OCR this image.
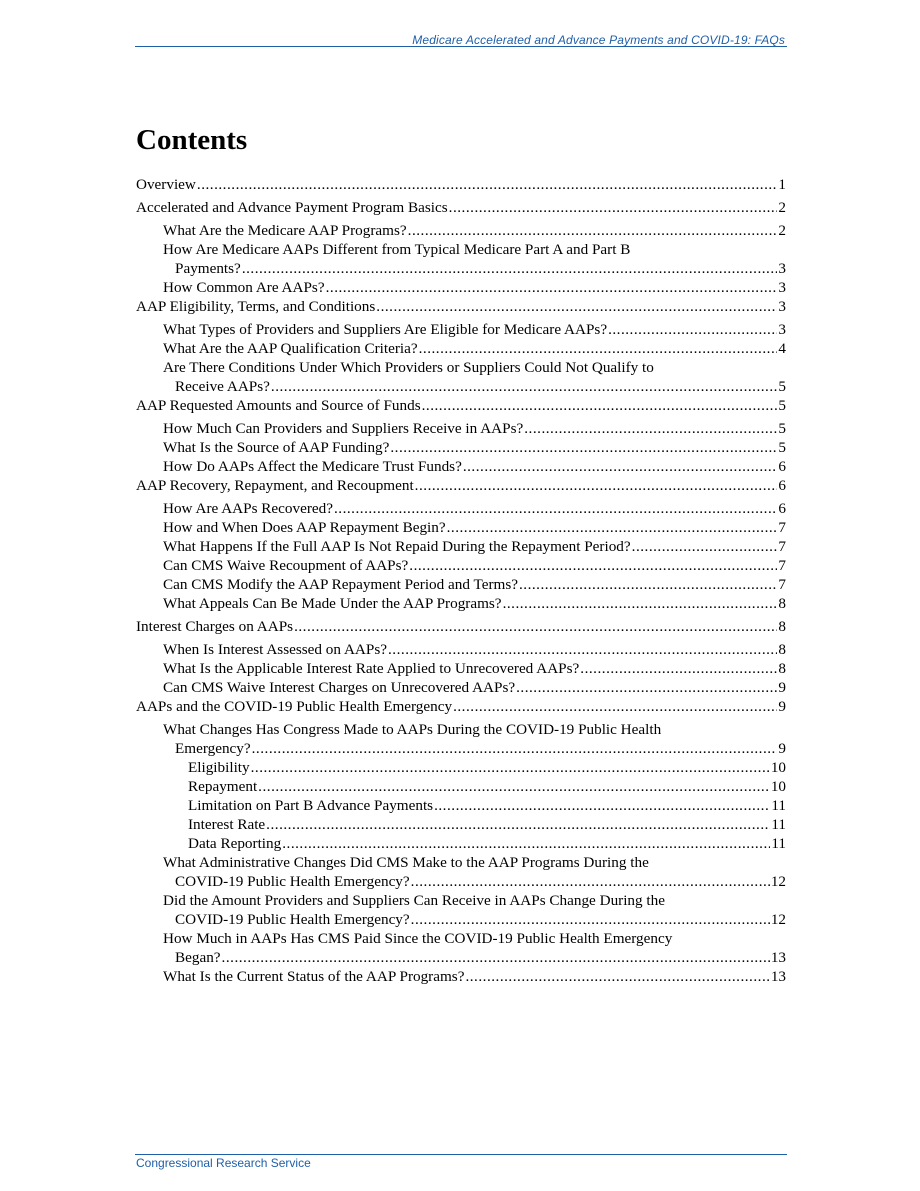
Medicare Accelerated and Advance Payments and COVID-19: FAQs
Contents
Overview .....	1
Accelerated and Advance Payment Program Basics .....	2
What Are the Medicare AAP Programs? .....	2
How Are Medicare AAPs Different from Typical Medicare Part A and Part B
Payments? .....	3
How Common Are AAPs? .....	3
AAP Eligibility, Terms, and Conditions .....	3
What Types of Providers and Suppliers Are Eligible for Medicare AAPs? .....	3
What Are the AAP Qualification Criteria? .....	4
Are There Conditions Under Which Providers or Suppliers Could Not Qualify to
Receive AAPs? .....	5
AAP Requested Amounts and Source of Funds .....	5
How Much Can Providers and Suppliers Receive in AAPs? .....	5
What Is the Source of AAP Funding? .....	5
How Do AAPs Affect the Medicare Trust Funds? .....	6
AAP Recovery, Repayment, and Recoupment .....	6
How Are AAPs Recovered? .....	6
How and When Does AAP Repayment Begin? .....	7
What Happens If the Full AAP Is Not Repaid During the Repayment Period? .....	7
Can CMS Waive Recoupment of AAPs? .....	7
Can CMS Modify the AAP Repayment Period and Terms? .....	7
What Appeals Can Be Made Under the AAP Programs? .....	8
Interest Charges on AAPs .....	8
When Is Interest Assessed on AAPs? .....	8
What Is the Applicable Interest Rate Applied to Unrecovered AAPs? .....	8
Can CMS Waive Interest Charges on Unrecovered AAPs? .....	9
AAPs and the COVID-19 Public Health Emergency .....	9
What Changes Has Congress Made to AAPs During the COVID-19 Public Health
Emergency? .....	9
Eligibility .....	10
Repayment .....	10
Limitation on Part B Advance Payments .....	11
Interest Rate .....	11
Data Reporting .....	11
What Administrative Changes Did CMS Make to the AAP Programs During the
COVID-19 Public Health Emergency? .....	12
Did the Amount Providers and Suppliers Can Receive in AAPs Change During the
COVID-19 Public Health Emergency? .....	12
How Much in AAPs Has CMS Paid Since the COVID-19 Public Health Emergency
Began? .....	13
What Is the Current Status of the AAP Programs? .....	13
Congressional Research Service
